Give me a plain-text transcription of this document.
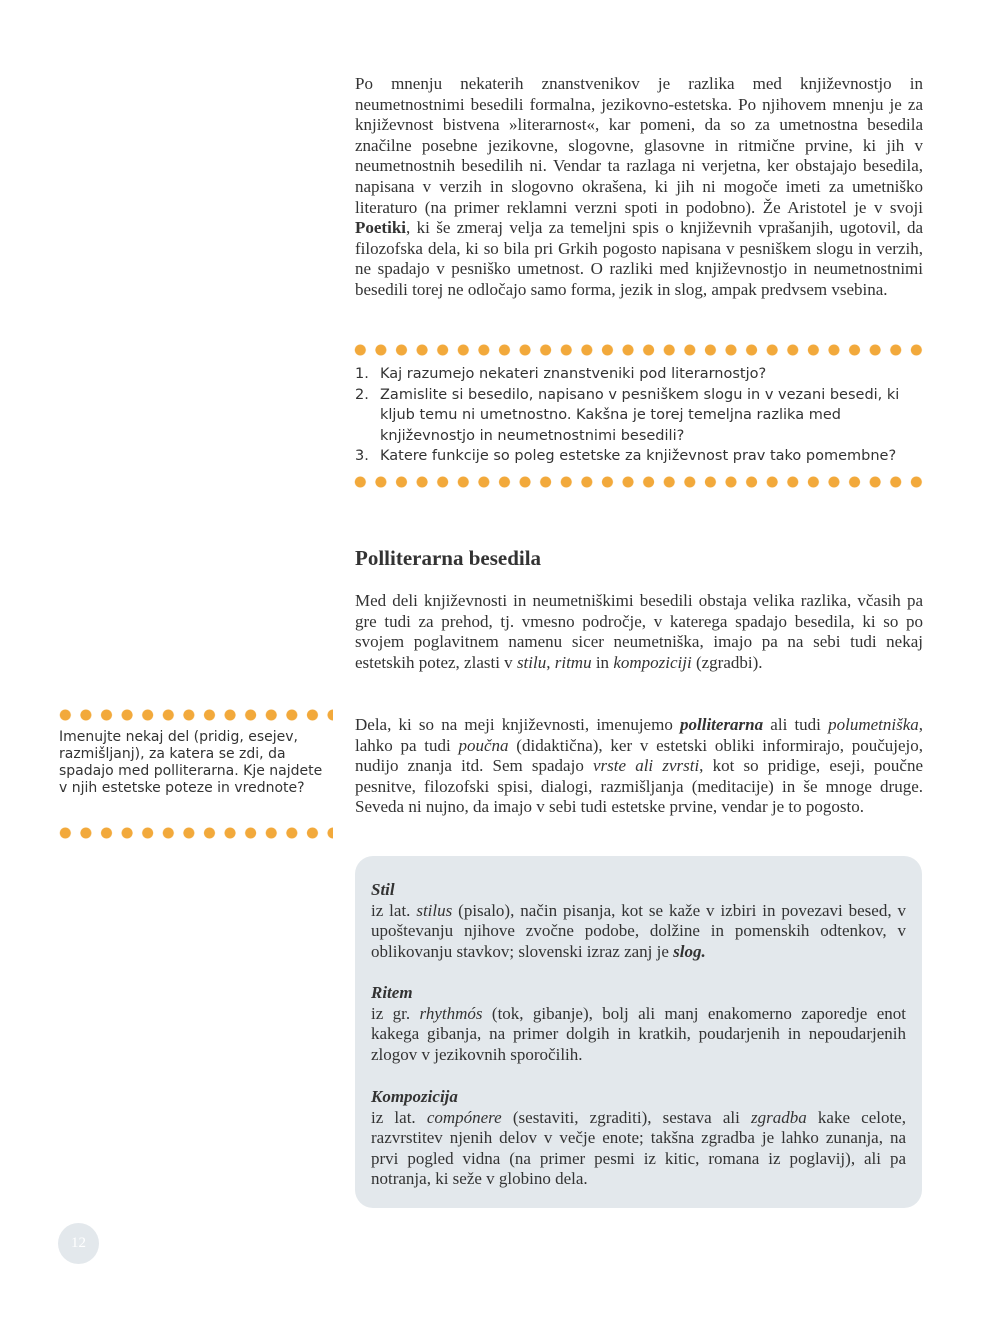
Po mnenju nekaterih znanstvenikov je razlika med književnostjo in neumetnostnimi besedili formalna, jezikovno-estetska. Po njihovem mnenju je za književnost bistvena »literarnost«, kar pomeni, da so za umetnostna besedila značilne posebne jezikovne, slogovne, glasovne in ritmične prvine, ki jih v neumetnostnih besedilih ni. Vendar ta razlaga ni verjetna, ker obstajajo besedila, napisana v verzih in slogovno okrašena, ki jih ni mogoče imeti za umetniško literaturo (na primer reklamni verzni spoti in podobno). Že Aristotel je v svoji Poetiki, ki še zmeraj velja za temeljni spis o književnih vprašanjih, ugotovil, da filozofska dela, ki so bila pri Grkih pogosto napisana v pesniškem slogu in verzih, ne spadajo v pesniško umetnost. O razliki med književnostjo in neumetnostnimi besedili torej ne odločajo samo forma, jezik in slog, ampak predvsem vsebina.

1. Kaj razumejo nekateri znanstveniki pod literarnostjo?
2. Zamislite si besedilo, napisano v pesniškem slogu in v vezani besedi, ki kljub temu ni umetnostno. Kakšna je torej temeljna razlika med književnostjo in neumetnostnimi besedili?
3. Katere funkcije so poleg estetske za književnost prav tako pomembne?
Polliterarna besedila

Med deli književnosti in neumetniškimi besedili obstaja velika razlika, včasih pa gre tudi za prehod, tj. vmesno področje, v katerega spadajo besedila, ki so po svojem poglavitnem namenu sicer neumetniška, imajo pa na sebi tudi nekaj estetskih potez, zlasti v stilu, ritmu in kompoziciji (zgradbi).

Dela, ki so na meji književnosti, imenujemo polliterarna ali tudi polumetniška, lahko pa tudi poučna (didaktična), ker v estetski obliki informirajo, poučujejo, nudijo znanja itd. Sem spadajo vrste ali zvrsti, kot so pridige, eseji, poučne pesnitve, filozofski spisi, dialogi, razmišljanja (meditacije) in še mnoge druge. Seveda ni nujno, da imajo v sebi tudi estetske prvine, vendar je to pogosto.

Imenujte nekaj del (pridig, esejev, razmišljanj), za katera se zdi, da spadajo med polliterarna. Kje najdete v njih estetske poteze in vrednote?

Stil

iz lat. stilus (pisalo), način pisanja, kot se kaže v izbiri in povezavi besed, v upoštevanju njihove zvočne podobe, dolžine in pomenskih odtenkov, v oblikovanju stavkov; slovenski izraz zanj je slog.

Ritem

iz gr. rhythmós (tok, gibanje), bolj ali manj enakomerno zaporedje enot kakega gibanja, na primer dolgih in kratkih, poudarjenih in nepoudarjenih zlogov v jezikovnih sporočilih.

Kompozicija

iz lat. compónere (sestaviti, zgraditi), sestava ali zgradba kake celote, razvrstitev njenih delov v večje enote; takšna zgradba je lahko zunanja, na prvi pogled vidna (na primer pesmi iz kitic, romana iz poglavij), ali pa notranja, ki seže v globino dela.

12
